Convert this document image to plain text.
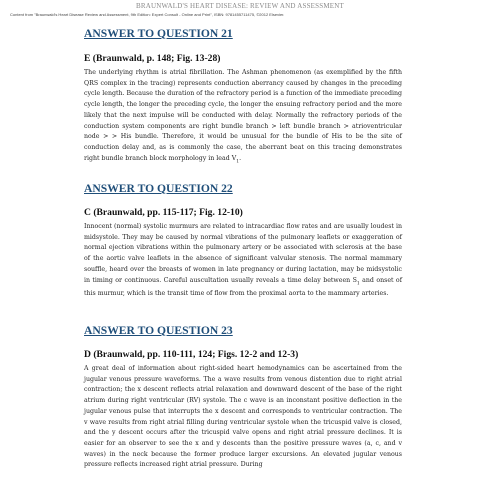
BRAUNWALD'S HEART DISEASE: REVIEW AND ASSESSMENT
Content from "Braunwald's Heart Disease Review and Assessment, 9th Edition: Expert Consult - Online and Print", ISBN: 9781455711475, ©2012 Elsevier.
ANSWER TO QUESTION 21
E (Braunwald, p. 148; Fig. 13-28)

The underlying rhythm is atrial fibrillation. The Ashman phenomenon (as exemplified by the fifth QRS complex in the tracing) represents conduction aberrancy caused by changes in the preceding cycle length. Because the duration of the refractory period is a function of the immediate preceding cycle length, the longer the preceding cycle, the longer the ensuing refractory period and the more likely that the next impulse will be conducted with delay. Normally the refractory periods of the conduction system components are right bundle branch > left bundle branch > atrioventricular node > > His bundle. Therefore, it would be unusual for the bundle of His to be the site of conduction delay and, as is commonly the case, the aberrant beat on this tracing demonstrates right bundle branch block morphology in lead $V_1$.

ANSWER TO QUESTION 22
C (Braunwald, pp. 115-117; Fig. 12-10)

Innocent (normal) systolic murmurs are related to intracardiac flow rates and are usually loudest in midsystole. They may be caused by normal vibrations of the pulmonary leaflets or exaggeration of normal ejection vibrations within the pulmonary artery or be associated with sclerosis at the base of the aortic valve leaflets in the absence of significant valvular stenosis. The normal mammary souffle, heard over the breasts of women in late pregnancy or during lactation, may be midsystolic in timing or continuous. Careful auscultation usually reveals a time delay between $S_1$ and onset of this murmur, which is the transit time of flow from the proximal aorta to the mammary arteries.

ANSWER TO QUESTION 23
D (Braunwald, pp. 110-111, 124; Figs. 12-2 and 12-3)

A great deal of information about right-sided heart hemodynamics can be ascertained from the jugular venous pressure waveforms. The a wave results from venous distention due to right atrial contraction; the x descent reflects atrial relaxation and downward descent of the base of the right atrium during right ventricular (RV) systole. The c wave is an inconstant positive deflection in the jugular venous pulse that interrupts the x descent and corresponds to ventricular contraction. The v wave results from right atrial filling during ventricular systole when the tricuspid valve is closed, and the y descent occurs after the tricuspid valve opens and right atrial pressure declines. It is easier for an observer to see the x and y descents than the positive pressure waves (a, c, and v waves) in the neck because the former produce larger excursions. An elevated jugular venous pressure reflects increased right atrial pressure. During
